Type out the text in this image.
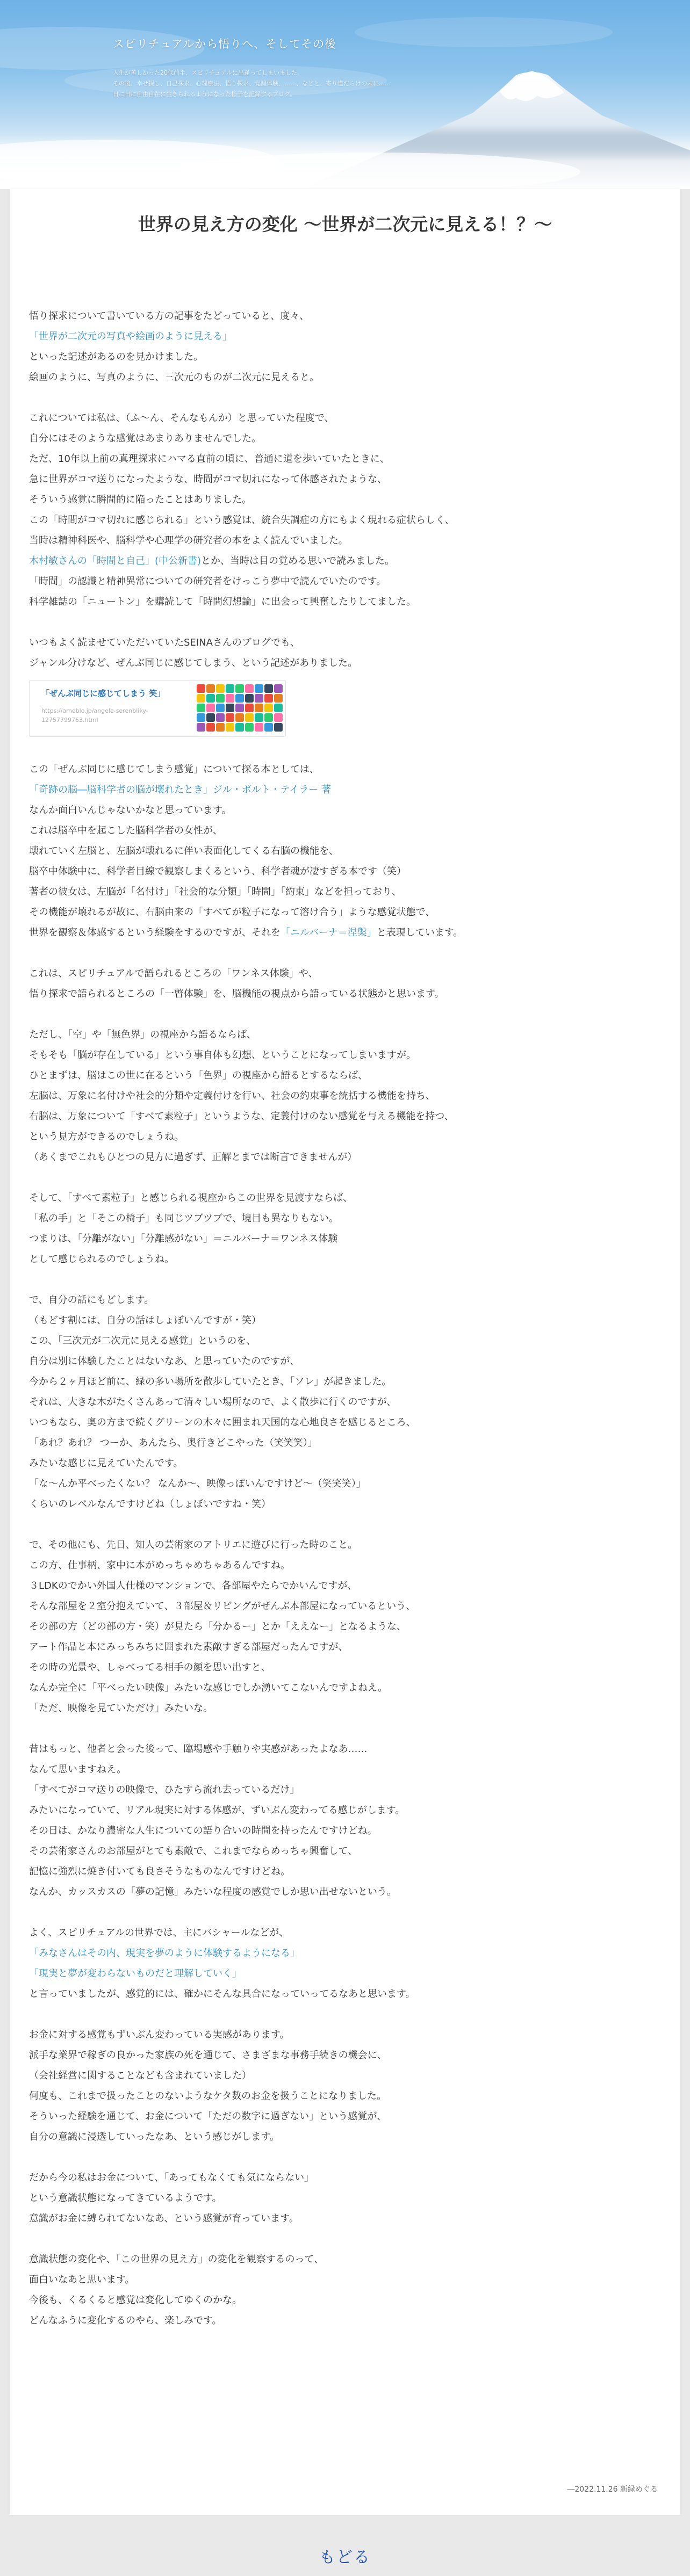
スピリチュアルから悟りへ、そしてその後

人生が苦しかった20代前半、スピリチュアルに出逢ってしまいました。

その後、幸せ探し、自己探求、心理療法、悟り探求、覚醒体験、……、などと、寄り道だらけの末に……

日に日に自由自在に生きられるようになった様子を記録するブログ。

世界の見え方の変化 〜世界が二次元に見える！？〜
悟り探求について書いている方の記事をたどっていると、度々、
「世界が二次元の写真や絵画のように見える」
といった記述があるのを見かけました。
絵画のように、写真のように、三次元のものが二次元に見えると。
これについては私は、（ふ〜ん、そんなもんか）と思っていた程度で、
自分にはそのような感覚はあまりありませんでした。
ただ、10年以上前の真理探求にハマる直前の頃に、普通に道を歩いていたときに、
急に世界がコマ送りになったような、時間がコマ切れになって体感されたような、
そういう感覚に瞬間的に陥ったことはありました。
この「時間がコマ切れに感じられる」という感覚は、統合失調症の方にもよく現れる症状らしく、
当時は精神科医や、脳科学や心理学の研究者の本をよく読んでいました。
木村敏さんの「時間と自己」(中公新書)とか、当時は目の覚める思いで読みました。
「時間」の認識と精神異常についての研究者をけっこう夢中で読んでいたのです。
科学雑誌の「ニュートン」を購読して「時間幻想論」に出会って興奮したりしてました。
いつもよく読ませていただいていたSEINAさんのブログでも、
ジャンル分けなど、ぜんぶ同じに感じてしまう、という記述がありました。
「ぜんぶ同じに感じてしまう 笑」
https://ameblo.jp/angele-serenbliky-12757799763.html
この「ぜんぶ同じに感じてしまう感覚」について探る本としては、
「奇跡の脳―脳科学者の脳が壊れたとき」ジル・ボルト・テイラー 著
なんか面白いんじゃないかなと思っています。
これは脳卒中を起こした脳科学者の女性が、
壊れていく左脳と、左脳が壊れるに伴い表面化してくる右脳の機能を、
脳卒中体験中に、科学者目線で観察しまくるという、科学者魂が凄すぎる本です（笑）
著者の彼女は、左脳が「名付け」「社会的な分類」「時間」「約束」などを担っており、
その機能が壊れるが故に、右脳由来の「すべてが粒子になって溶け合う」ような感覚状態で、
世界を観察＆体感するという経験をするのですが、それを「ニルバーナ＝涅槃」と表現しています。
これは、スピリチュアルで語られるところの「ワンネス体験」や、
悟り探求で語られるところの「一瞥体験」を、脳機能の視点から語っている状態かと思います。
ただし、「空」や「無色界」の視座から語るならば、
そもそも「脳が存在している」という事自体も幻想、ということになってしまいますが。
ひとまずは、脳はこの世に在るという「色界」の視座から語るとするならば、
左脳は、万象に名付けや社会的分類や定義付けを行い、社会の約束事を統括する機能を持ち、
右脳は、万象について「すべて素粒子」というような、定義付けのない感覚を与える機能を持つ、
という見方ができるのでしょうね。
（あくまでこれもひとつの見方に過ぎず、正解とまでは断言できませんが）
そして、「すべて素粒子」と感じられる視座からこの世界を見渡すならば、
「私の手」と「そこの椅子」も同じツブツブで、境目も異なりもない。
つまりは、「分離がない」「分離感がない」＝ニルバーナ＝ワンネス体験
として感じられるのでしょうね。
で、自分の話にもどします。
（もどす割には、自分の話はしょぼいんですが・笑）
この、「三次元が二次元に見える感覚」というのを、
自分は別に体験したことはないなあ、と思っていたのですが、
今から２ヶ月ほど前に、緑の多い場所を散歩していたとき、「ソレ」が起きました。
それは、大きな木がたくさんあって清々しい場所なので、よく散歩に行くのですが、
いつもなら、奥の方まで続くグリーンの木々に囲まれ天国的な心地良さを感じるところ、
「あれ？あれ？ つーか、あんたら、奥行きどこやった（笑笑笑）」
みたいな感じに見えていたんです。
「な〜んか平べったくない？ なんか〜、映像っぽいんですけど〜（笑笑笑）」
くらいのレベルなんですけどね（しょぼいですね・笑）
で、その他にも、先日、知人の芸術家のアトリエに遊びに行った時のこと。
この方、仕事柄、家中に本がめっちゃめちゃあるんですね。
３LDKのでかい外国人仕様のマンションで、各部屋やたらでかいんですが、
そんな部屋を２室分抱えていて、３部屋＆リビングがぜんぶ本部屋になっているという、
その部の方（どの部の方・笑）が見たら「分かるー」とか「ええなー」となるような、
アート作品と本にみっちみちに囲まれた素敵すぎる部屋だったんですが、
その時の光景や、しゃべってる相手の顔を思い出すと、
なんか完全に「平べったい映像」みたいな感じでしか湧いてこないんですよねえ。
「ただ、映像を見ていただけ」みたいな。
昔はもっと、他者と会った後って、臨場感や手触りや実感があったよなあ……
なんて思いますねえ。
「すべてがコマ送りの映像で、ひたすら流れ去っているだけ」
みたいになっていて、リアル現実に対する体感が、ずいぶん変わってる感じがします。
その日は、かなり濃密な人生についての語り合いの時間を持ったんですけどね。
その芸術家さんのお部屋がとても素敵で、これまでならめっちゃ興奮して、
記憶に強烈に焼き付いても良さそうなものなんですけどね。
なんか、カッスカスの「夢の記憶」みたいな程度の感覚でしか思い出せないという。
よく、スピリチュアルの世界では、主にバシャールなどが、
「みなさんはその内、現実を夢のように体験するようになる」
「現実と夢が変わらないものだと理解していく」
と言っていましたが、感覚的には、確かにそんな具合になっていってるなあと思います。
お金に対する感覚もずいぶん変わっている実感があります。
派手な業界で稼ぎの良かった家族の死を通じて、さまざまな事務手続きの機会に、
（会社経営に関することなども含まれていました）
何度も、これまで扱ったことのないようなケタ数のお金を扱うことになりました。
そういった経験を通じて、お金について「ただの数字に過ぎない」という感覚が、
自分の意識に浸透していったなあ、という感じがします。
だから今の私はお金について、「あってもなくても気にならない」
という意識状態になってきているようです。
意識がお金に縛られてないなあ、という感覚が育っています。
意識状態の変化や、「この世界の見え方」の変化を観察するのって、
面白いなあと思います。
今後も、くるくると感覚は変化してゆくのかな。
どんなふうに変化するのやら、楽しみです。
―2022.11.26 新緑めぐる
もどる
